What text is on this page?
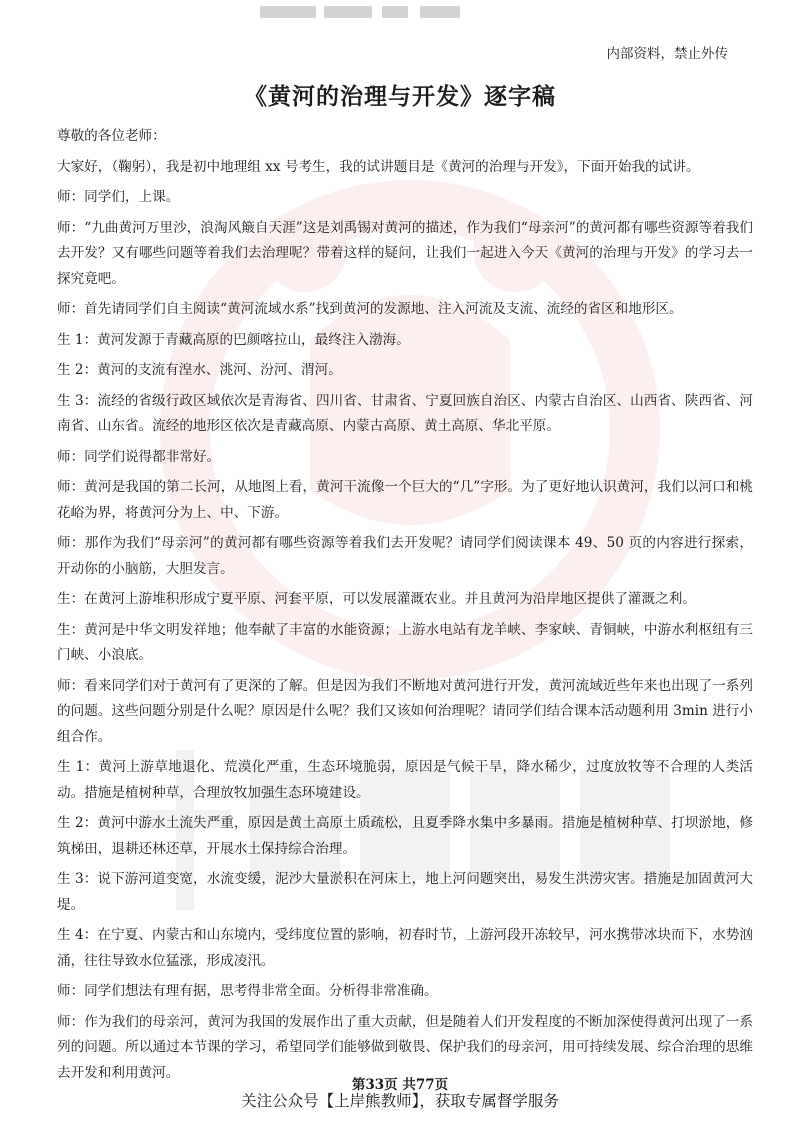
内部资料，禁止外传
《黄河的治理与开发》逐字稿

尊敬的各位老师：

大家好，（鞠躬），我是初中地理组 xx 号考生，我的试讲题目是《黄河的治理与开发》，下面开始我的试讲。

师：同学们，上课。

师：“九曲黄河万里沙，浪淘风簸自天涯”这是刘禹锡对黄河的描述，作为我们“母亲河”的黄河都有哪些资源等着我们去开发？又有哪些问题等着我们去治理呢？带着这样的疑问，让我们一起进入今天《黄河的治理与开发》的学习去一探究竟吧。

师：首先请同学们自主阅读“黄河流域水系”找到黄河的发源地、注入河流及支流、流经的省区和地形区。

生 1：黄河发源于青藏高原的巴颜喀拉山，最终注入渤海。

生 2：黄河的支流有湟水、洮河、汾河、渭河。

生 3：流经的省级行政区域依次是青海省、四川省、甘肃省、宁夏回族自治区、内蒙古自治区、山西省、陕西省、河南省、山东省。流经的地形区依次是青藏高原、内蒙古高原、黄土高原、华北平原。

师：同学们说得都非常好。

师：黄河是我国的第二长河，从地图上看，黄河干流像一个巨大的“几”字形。为了更好地认识黄河，我们以河口和桃花峪为界，将黄河分为上、中、下游。

师：那作为我们“母亲河”的黄河都有哪些资源等着我们去开发呢？请同学们阅读课本 49、50 页的内容进行探索，开动你的小脑筋，大胆发言。

生：在黄河上游堆积形成宁夏平原、河套平原，可以发展灌溉农业。并且黄河为沿岸地区提供了灌溉之利。

生：黄河是中华文明发祥地；他奉献了丰富的水能资源；上游水电站有龙羊峡、李家峡、青铜峡，中游水利枢纽有三门峡、小浪底。

师：看来同学们对于黄河有了更深的了解。但是因为我们不断地对黄河进行开发，黄河流域近些年来也出现了一系列的问题。这些问题分别是什么呢？原因是什么呢？我们又该如何治理呢？请同学们结合课本活动题利用 3min 进行小组合作。

生 1：黄河上游草地退化、荒漠化严重，生态环境脆弱，原因是气候干旱，降水稀少，过度放牧等不合理的人类活动。措施是植树种草，合理放牧加强生态环境建设。

生 2：黄河中游水土流失严重，原因是黄土高原土质疏松，且夏季降水集中多暴雨。措施是植树种草、打坝淤地，修筑梯田，退耕还林还草，开展水土保持综合治理。

生 3：说下游河道变宽，水流变缓，泥沙大量淤积在河床上，地上河问题突出，易发生洪涝灾害。措施是加固黄河大堤。

生 4：在宁夏、内蒙古和山东境内，受纬度位置的影响，初春时节，上游河段开冻较早，河水携带冰块而下，水势汹涌，往往导致水位猛涨，形成凌汛。

师：同学们想法有理有据，思考得非常全面。分析得非常准确。

师：作为我们的母亲河，黄河为我国的发展作出了重大贡献，但是随着人们开发程度的不断加深使得黄河出现了一系列的问题。所以通过本节课的学习，希望同学们能够做到敬畏、保护我们的母亲河，用可持续发展、综合治理的思维去开发和利用黄河。

第33页 共77页
关注公众号【上岸熊教师】，获取专属督学服务
